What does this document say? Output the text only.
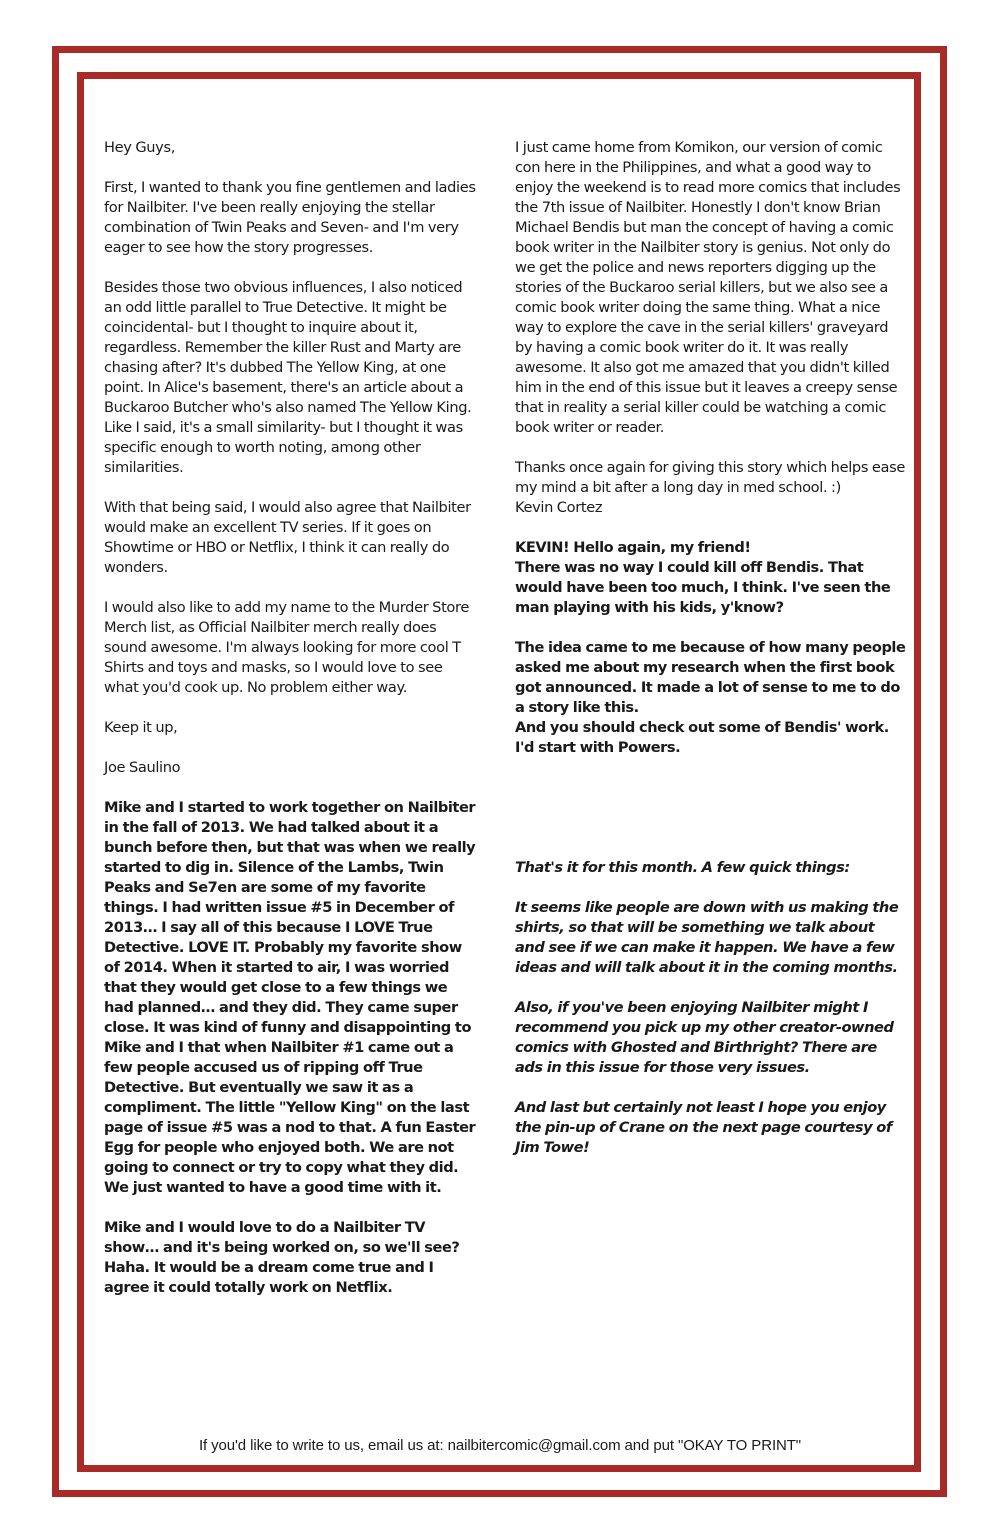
Hey Guys,

First, I wanted to thank you fine gentlemen and ladies for Nailbiter. I've been really enjoying the stellar combination of Twin Peaks and Seven- and I'm very eager to see how the story progresses.

Besides those two obvious influences, I also noticed an odd little parallel to True Detective. It might be coincidental- but I thought to inquire about it, regardless. Remember the killer Rust and Marty are chasing after? It's dubbed The Yellow King, at one point. In Alice's basement, there's an article about a Buckaroo Butcher who's also named The Yellow King. Like I said, it's a small similarity- but I thought it was specific enough to worth noting, among other similarities.

With that being said, I would also agree that Nailbiter would make an excellent TV series. If it goes on Showtime or HBO or Netflix, I think it can really do wonders.

I would also like to add my name to the Murder Store Merch list, as Official Nailbiter merch really does sound awesome. I'm always looking for more cool T Shirts and toys and masks, so I would love to see what you'd cook up. No problem either way.

Keep it up,

Joe Saulino

Mike and I started to work together on Nailbiter in the fall of 2013. We had talked about it a bunch before then, but that was when we really started to dig in. Silence of the Lambs, Twin Peaks and Se7en are some of my favorite things. I had written issue #5 in December of 2013… I say all of this because I LOVE True Detective. LOVE IT. Probably my favorite show of 2014. When it started to air, I was worried that they would get close to a few things we had planned… and they did. They came super close. It was kind of funny and disappointing to Mike and I that when Nailbiter #1 came out a few people accused us of ripping off True Detective. But eventually we saw it as a compliment. The little "Yellow King" on the last page of issue #5 was a nod to that. A fun Easter Egg for people who enjoyed both. We are not going to connect or try to copy what they did. We just wanted to have a good time with it.

Mike and I would love to do a Nailbiter TV show… and it's being worked on, so we'll see? Haha. It would be a dream come true and I agree it could totally work on Netflix.

I just came home from Komikon, our version of comic con here in the Philippines, and what a good way to enjoy the weekend is to read more comics that includes the 7th issue of Nailbiter. Honestly I don't know Brian Michael Bendis but man the concept of having a comic book writer in the Nailbiter story is genius. Not only do we get the police and news reporters digging up the stories of the Buckaroo serial killers, but we also see a comic book writer doing the same thing. What a nice way to explore the cave in the serial killers' graveyard by having a comic book writer do it. It was really awesome. It also got me amazed that you didn't killed him in the end of this issue but it leaves a creepy sense that in reality a serial killer could be watching a comic book writer or reader.

Thanks once again for giving this story which helps ease my mind a bit after a long day in med school. :)
Kevin Cortez

KEVIN! Hello again, my friend!
There was no way I could kill off Bendis. That would have been too much, I think. I've seen the man playing with his kids, y'know?

The idea came to me because of how many people asked me about my research when the first book got announced. It made a lot of sense to me to do a story like this.
And you should check out some of Bendis' work. I'd start with Powers.

That's it for this month. A few quick things:

It seems like people are down with us making the shirts, so that will be something we talk about and see if we can make it happen. We have a few ideas and will talk about it in the coming months.

Also, if you've been enjoying Nailbiter might I recommend you pick up my other creator-owned comics with Ghosted and Birthright? There are ads in this issue for those very issues.

And last but certainly not least I hope you enjoy the pin-up of Crane on the next page courtesy of Jim Towe!

If you'd like to write to us, email us at: nailbitercomic@gmail.com and put "OKAY TO PRINT"
